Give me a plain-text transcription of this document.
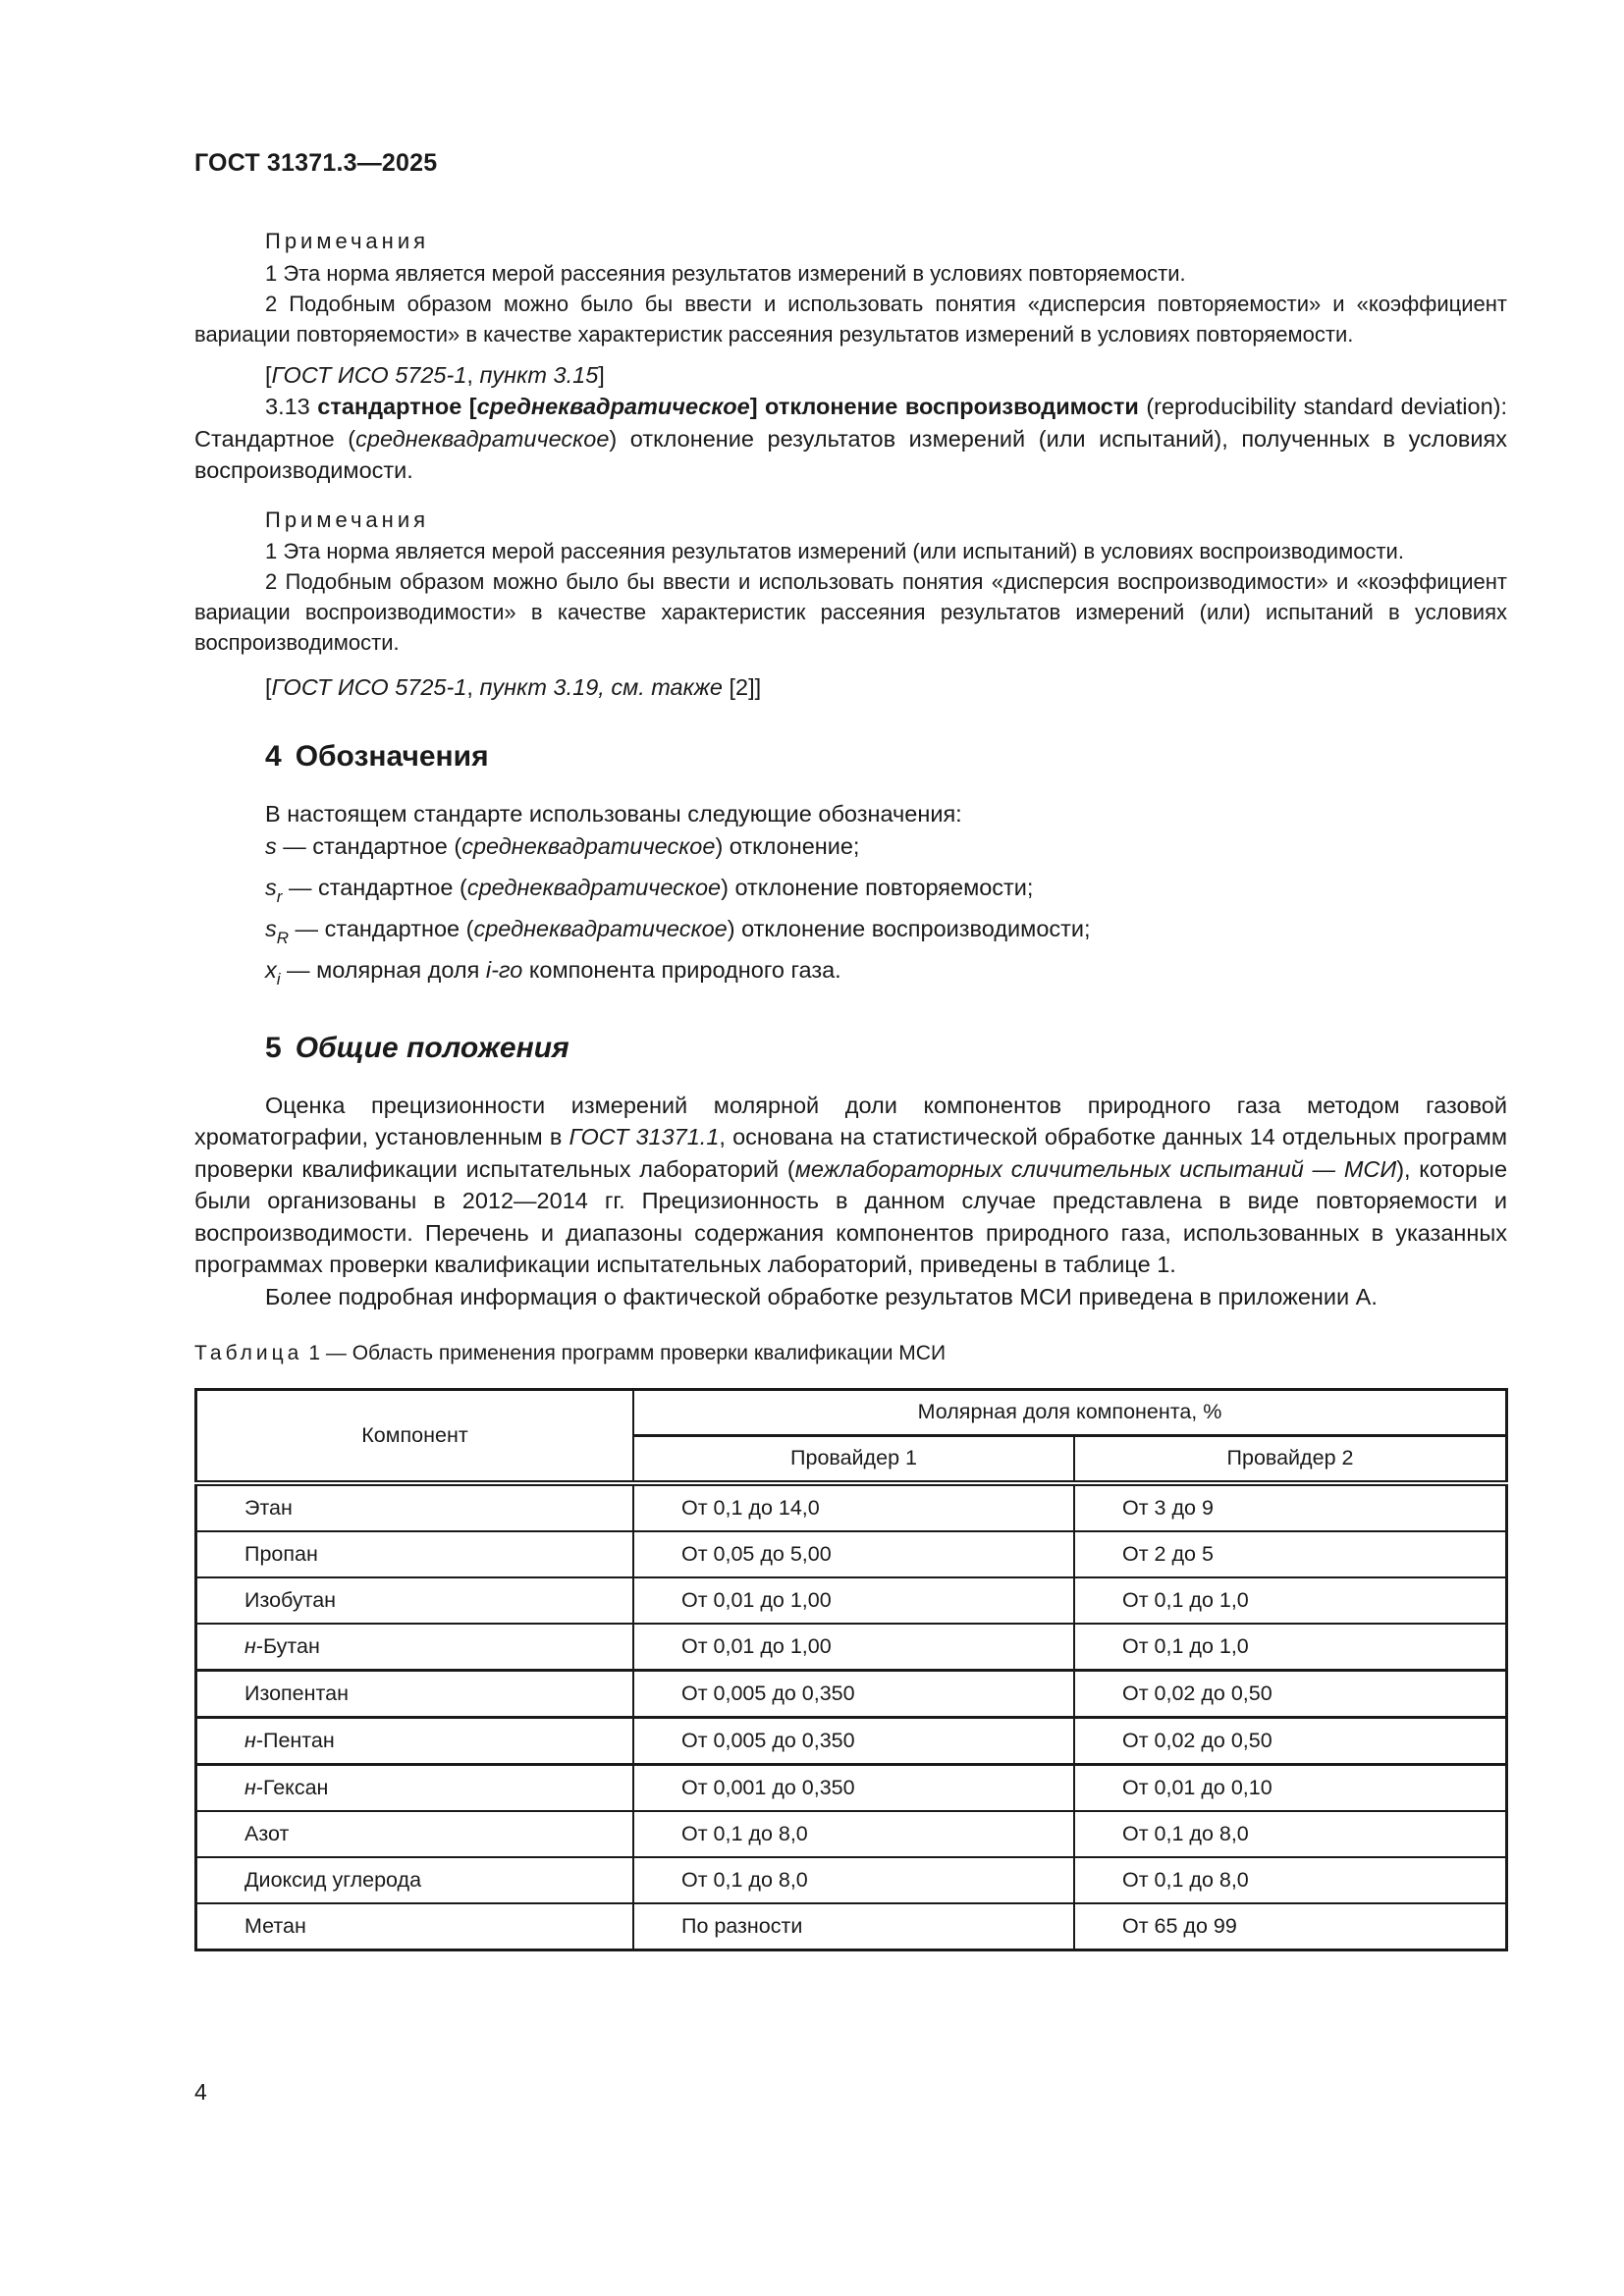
ГОСТ 31371.3—2025
Примечания
1 Эта норма является мерой рассеяния результатов измерений в условиях повторяемости.
2 Подобным образом можно было бы ввести и использовать понятия «дисперсия повторяемости» и «коэффициент вариации повторяемости» в качестве характеристик рассеяния результатов измерений в условиях повторяемости.
[ГОСТ ИСО 5725-1, пункт 3.15]
3.13 стандартное [среднеквадратическое] отклонение воспроизводимости (reproducibility standard deviation): Стандартное (среднеквадратическое) отклонение результатов измерений (или испытаний), полученных в условиях воспроизводимости.
Примечания
1 Эта норма является мерой рассеяния результатов измерений (или испытаний) в условиях воспроизводимости.
2 Подобным образом можно было бы ввести и использовать понятия «дисперсия воспроизводимости» и «коэффициент вариации воспроизводимости» в качестве характеристик рассеяния результатов измерений (или) испытаний в условиях воспроизводимости.
[ГОСТ ИСО 5725-1, пункт 3.19, см. также [2]]
4 Обозначения
В настоящем стандарте использованы следующие обозначения:
s — стандартное (среднеквадратическое) отклонение;
$s_r$ — стандартное (среднеквадратическое) отклонение повторяемости;
$s_R$ — стандартное (среднеквадратическое) отклонение воспроизводимости;
$x_i$ — молярная доля i-го компонента природного газа.
5 Общие положения
Оценка прецизионности измерений молярной доли компонентов природного газа методом газовой хроматографии, установленным в ГОСТ 31371.1, основана на статистической обработке данных 14 отдельных программ проверки квалификации испытательных лабораторий (межлабораторных сличительных испытаний — МСИ), которые были организованы в 2012—2014 гг. Прецизионность в данном случае представлена в виде повторяемости и воспроизводимости. Перечень и диапазоны содержания компонентов природного газа, использованных в указанных программах проверки квалификации испытательных лабораторий, приведены в таблице 1.
Более подробная информация о фактической обработке результатов МСИ приведена в приложении А.
Таблица 1 — Область применения программ проверки квалификации МСИ
Компонент	Молярная доля компонента, %	
	Провайдер 1	Провайдер 2
Этан	От 0,1 до 14,0	От 3 до 9
Пропан	От 0,05 до 5,00	От 2 до 5
Изобутан	От 0,01 до 1,00	От 0,1 до 1,0
н-Бутан	От 0,01 до 1,00	От 0,1 до 1,0
Изопентан	От 0,005 до 0,350	От 0,02 до 0,50
н-Пентан	От 0,005 до 0,350	От 0,02 до 0,50
н-Гексан	От 0,001 до 0,350	От 0,01 до 0,10
Азот	От 0,1 до 8,0	От 0,1 до 8,0
Диоксид углерода	От 0,1 до 8,0	От 0,1 до 8,0
Метан	По разности	От 65 до 99
4
